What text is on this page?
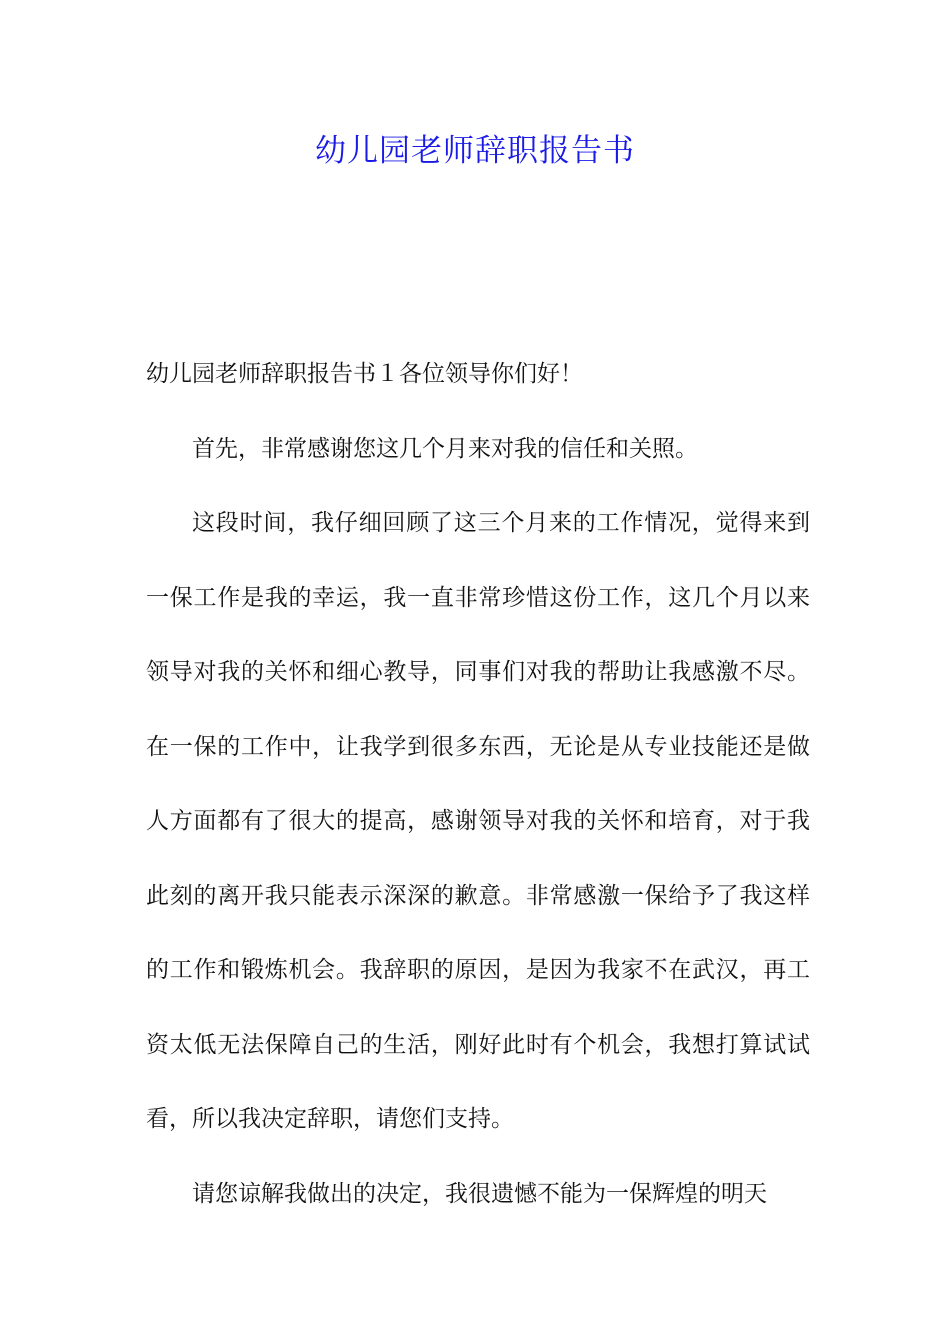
幼儿园老师辞职报告书

幼儿园老师辞职报告书１各位领导你们好！

首先，非常感谢您这几个月来对我的信任和关照。

这段时间，我仔细回顾了这三个月来的工作情况，觉得来到一保工作是我的幸运，我一直非常珍惜这份工作，这几个月以来领导对我的关怀和细心教导，同事们对我的帮助让我感激不尽。在一保的工作中，让我学到很多东西，无论是从专业技能还是做人方面都有了很大的提高，感谢领导对我的关怀和培育，对于我此刻的离开我只能表示深深的歉意。非常感激一保给予了我这样的工作和锻炼机会。我辞职的原因，是因为我家不在武汉，再工资太低无法保障自己的生活，刚好此时有个机会，我想打算试试看，所以我决定辞职，请您们支持。

请您谅解我做出的决定，我很遗憾不能为一保辉煌的明天
